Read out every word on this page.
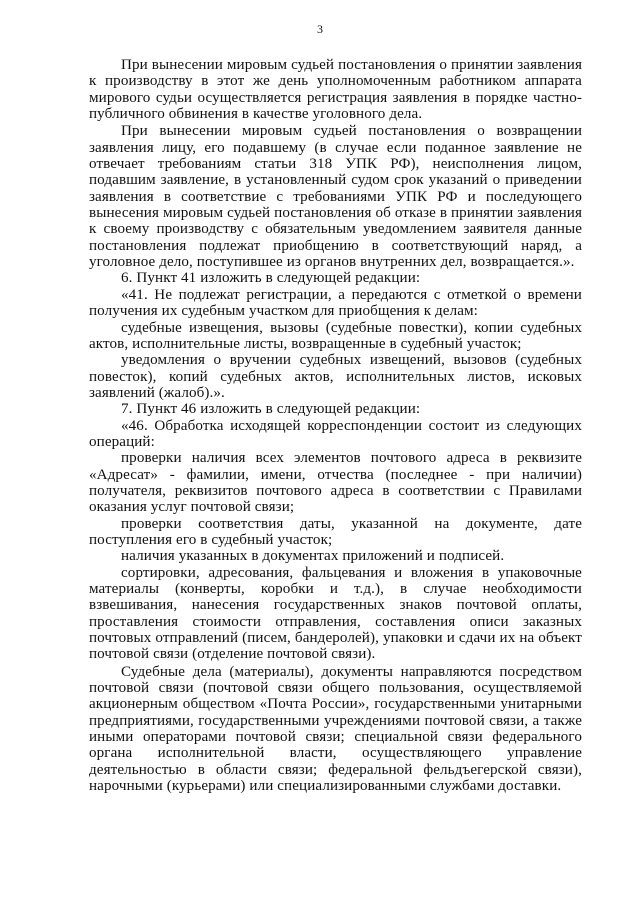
3

При вынесении мировым судьей постановления о принятии заявления к производству в этот же день уполномоченным работником аппарата мирового судьи осуществляется регистрация заявления в порядке частно-публичного обвинения в качестве уголовного дела.

При вынесении мировым судьей постановления о возвращении заявления лицу, его подавшему (в случае если поданное заявление не отвечает требованиям статьи 318 УПК РФ), неисполнения лицом, подавшим заявление, в установленный судом срок указаний о приведении заявления в соответствие с требованиями УПК РФ и последующего вынесения мировым судьей постановления об отказе в принятии заявления к своему производству с обязательным уведомлением заявителя данные постановления подлежат приобщению в соответствующий наряд, а уголовное дело, поступившее из органов внутренних дел, возвращается.».

6. Пункт 41 изложить в следующей редакции:

«41. Не подлежат регистрации, а передаются с отметкой о времени получения их судебным участком для приобщения к делам:

судебные извещения, вызовы (судебные повестки), копии судебных актов, исполнительные листы, возвращенные в судебный участок;

уведомления о вручении судебных извещений, вызовов (судебных повесток), копий судебных актов, исполнительных листов, исковых заявлений (жалоб).».

7. Пункт 46 изложить в следующей редакции:

«46. Обработка исходящей корреспонденции состоит из следующих операций:

проверки наличия всех элементов почтового адреса в реквизите «Адресат» - фамилии, имени, отчества (последнее - при наличии) получателя, реквизитов почтового адреса в соответствии с Правилами оказания услуг почтовой связи;

проверки соответствия даты, указанной на документе, дате поступления его в судебный участок;

наличия указанных в документах приложений и подписей.

сортировки, адресования, фальцевания и вложения в упаковочные материалы (конверты, коробки и т.д.), в случае необходимости взвешивания, нанесения государственных знаков почтовой оплаты, проставления стоимости отправления, составления описи заказных почтовых отправлений (писем, бандеролей), упаковки и сдачи их на объект почтовой связи (отделение почтовой связи).

Судебные дела (материалы), документы направляются посредством почтовой связи (почтовой связи общего пользования, осуществляемой акционерным обществом «Почта России», государственными унитарными предприятиями, государственными учреждениями почтовой связи, а также иными операторами почтовой связи; специальной связи федерального органа исполнительной власти, осуществляющего управление деятельностью в области связи; федеральной фельдъегерской связи), нарочными (курьерами) или специализированными службами доставки.
